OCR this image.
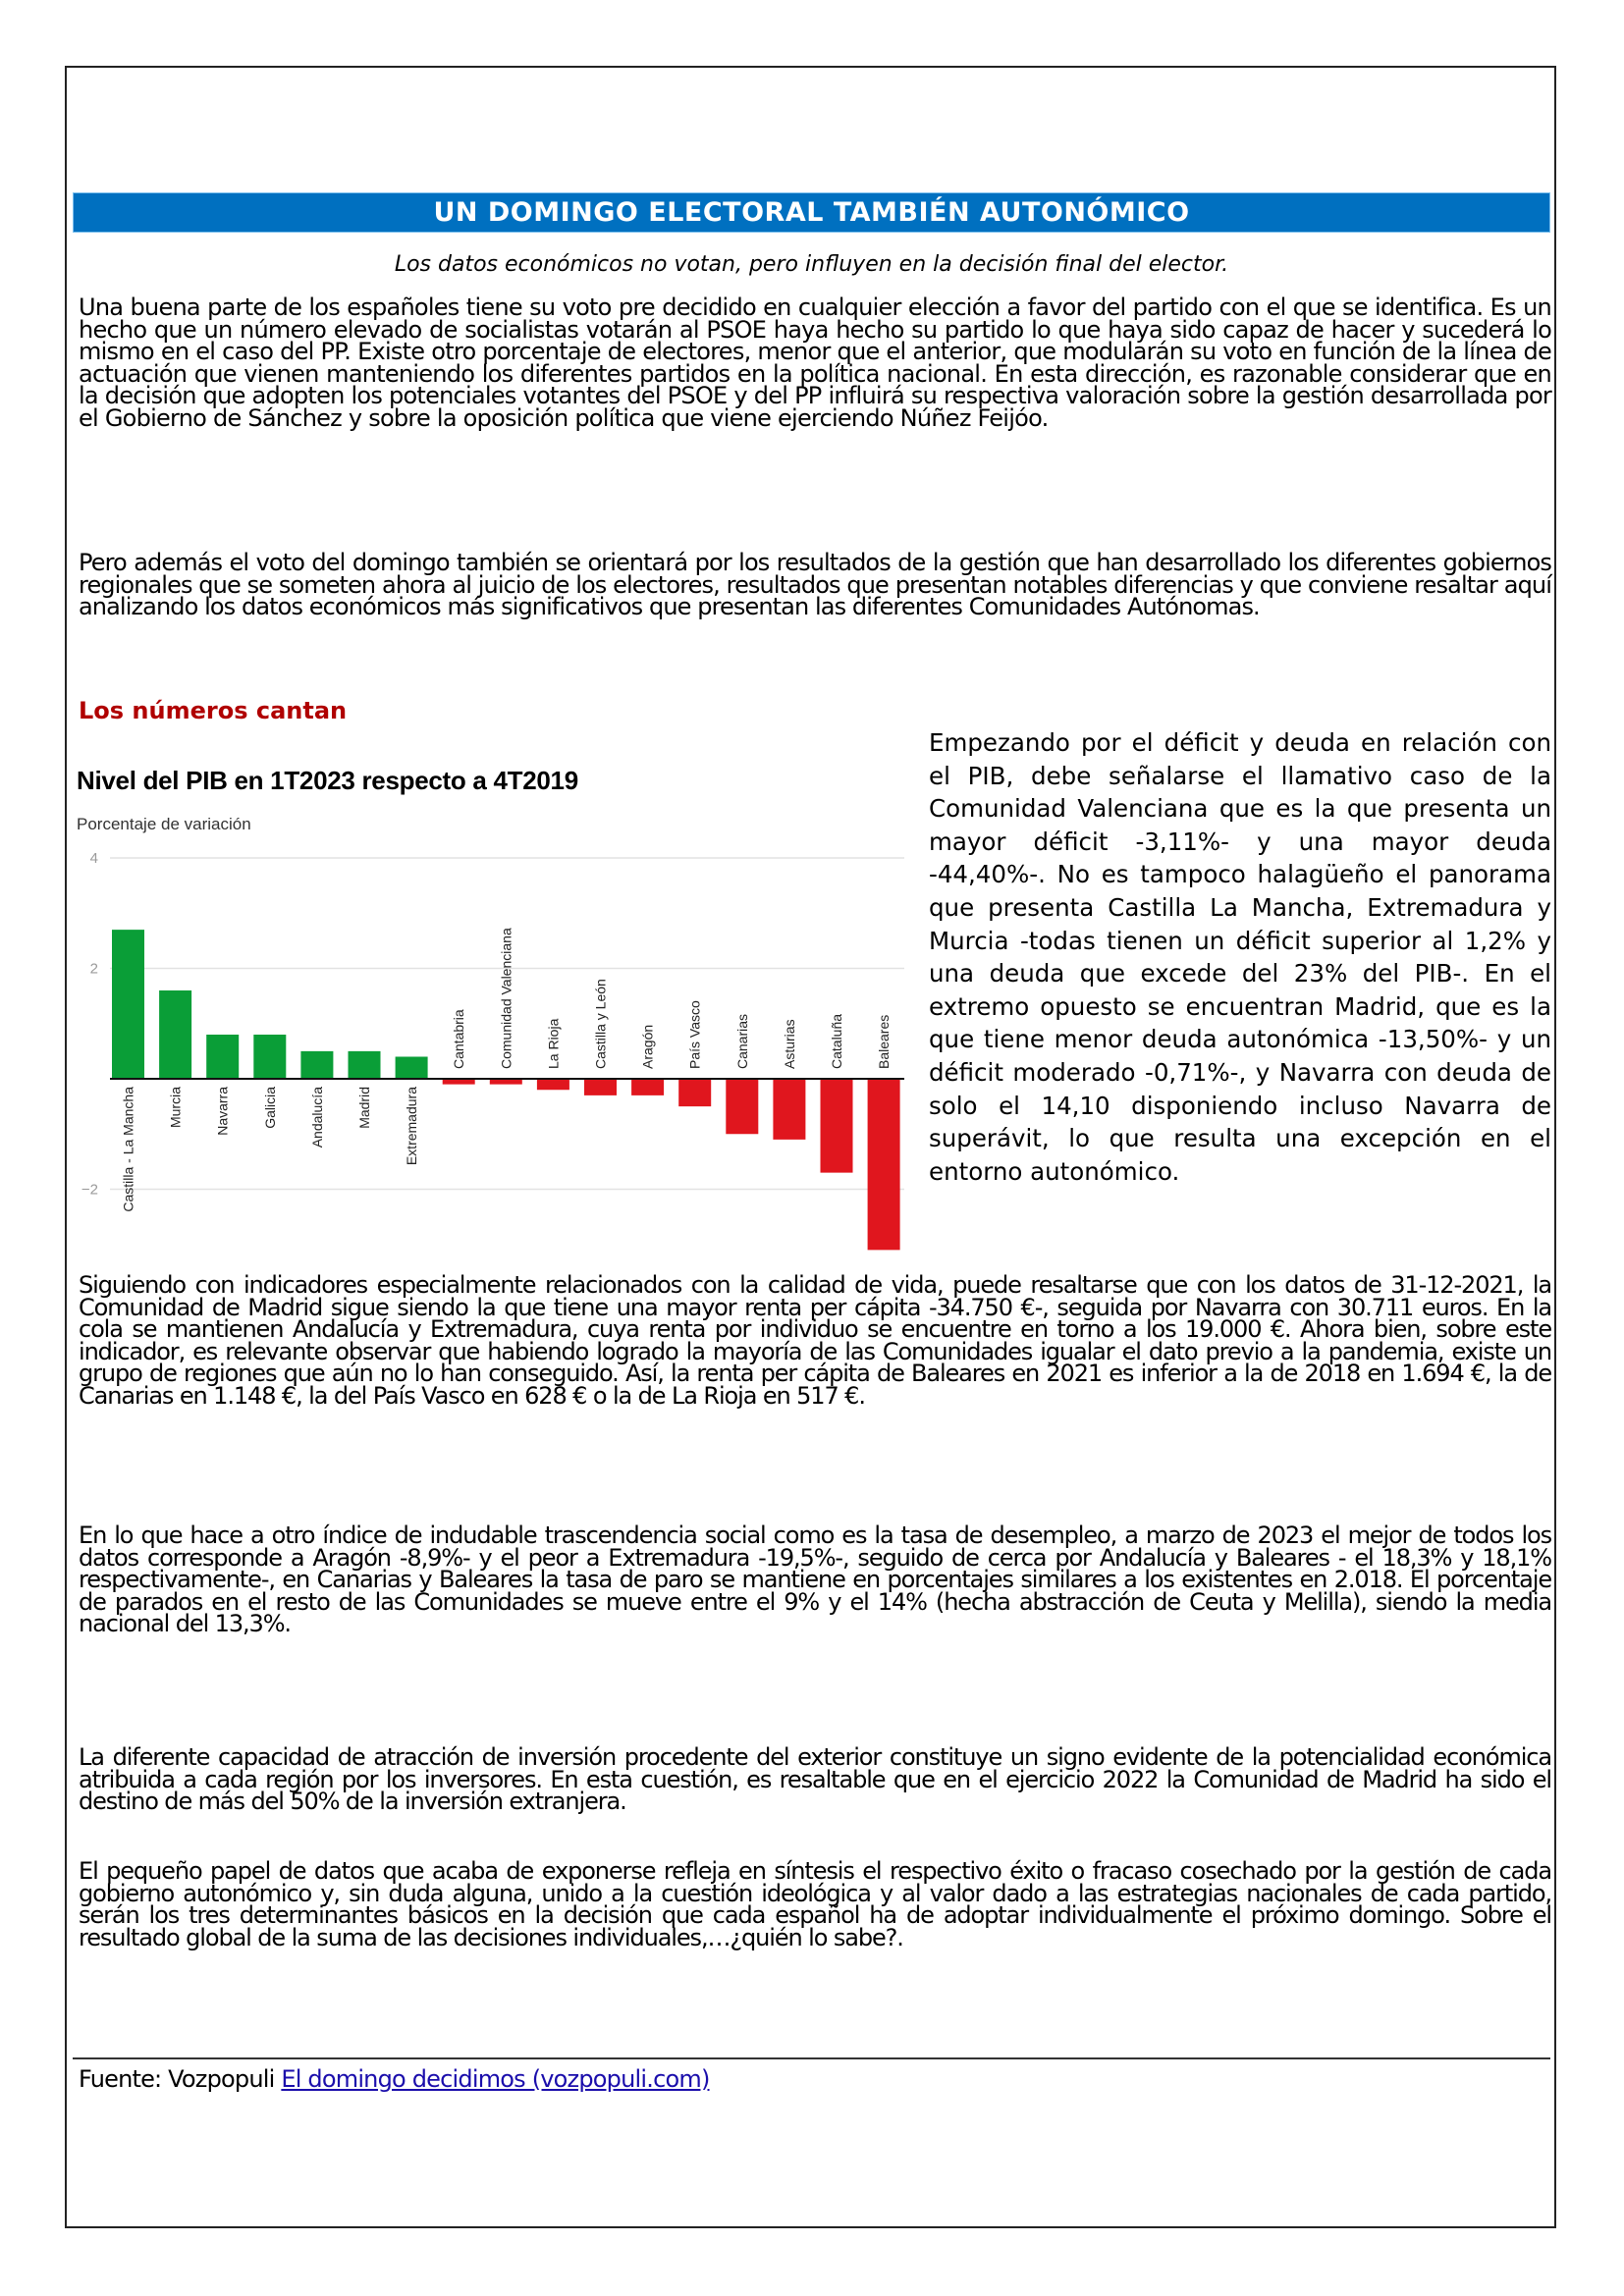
UN DOMINGO ELECTORAL TAMBIÉN AUTONÓMICO
Los datos económicos no votan, pero influyen en la decisión final del elector.
Una buena parte de los españoles tiene su voto pre decidido en cualquier elección a favor del partido con el que se identifica. Es un hecho que un número elevado de socialistas votarán al PSOE haya hecho su partido lo que haya sido capaz de hacer y sucederá lo mismo en el caso del PP. Existe otro porcentaje de electores, menor que el anterior, que modularán su voto en función de la línea de actuación que vienen manteniendo los diferentes partidos en la política nacional. En esta dirección, es razonable considerar que en la decisión que adopten los potenciales votantes del PSOE y del PP influirá su respectiva valoración sobre la gestión desarrollada por el Gobierno de Sánchez y sobre la oposición política que viene ejerciendo Núñez Feijóo.
Pero además el voto del domingo también se orientará por los resultados de la gestión que han desarrollado los diferentes gobiernos regionales que se someten ahora al juicio de los electores, resultados que presentan notables diferencias y que conviene resaltar aquí analizando los datos económicos más significativos que presentan las diferentes Comunidades Autónomas.
Los números cantan
Nivel del PIB en 1T2023 respecto a 4T2019
Porcentaje de variación
4
2
−2 Castilla - La Mancha Murcia Navarra Galicia Andalucía Madrid Extremadura
Cantabria Comunidad Valenciana La Rioja Castilla y León Aragón País Vasco Canarias Asturias Cataluña Baleares
Empezando por el déficit y deuda en relación con el PIB, debe señalarse el llamativo caso de la Comunidad Valenciana que es la que presenta un mayor déficit -3,11%- y una mayor deuda -44,40%-. No es tampoco halagüeño el panorama que presenta Castilla La Mancha, Extremadura y Murcia -todas tienen un déficit superior al 1,2% y una deuda que excede del 23% del PIB-. En el extremo opuesto se encuentran Madrid, que es la que tiene menor deuda autonómica -13,50%- y un déficit moderado -0,71%-, y Navarra con deuda de solo el 14,10 disponiendo incluso Navarra de superávit, lo que resulta una excepción en el entorno autonómico.
Siguiendo con indicadores especialmente relacionados con la calidad de vida, puede resaltarse que con los datos de 31-12-2021, la Comunidad de Madrid sigue siendo la que tiene una mayor renta per cápita -34.750 €-, seguida por Navarra con 30.711 euros. En la cola se mantienen Andalucía y Extremadura, cuya renta por individuo se encuentre en torno a los 19.000 €. Ahora bien, sobre este indicador, es relevante observar que habiendo logrado la mayoría de las Comunidades igualar el dato previo a la pandemia, existe un grupo de regiones que aún no lo han conseguido. Así, la renta per cápita de Baleares en 2021 es inferior a la de 2018 en 1.694 €, la de Canarias en 1.148 €, la del País Vasco en 628 € o la de La Rioja en 517 €.
En lo que hace a otro índice de indudable trascendencia social como es la tasa de desempleo, a marzo de 2023 el mejor de todos los datos corresponde a Aragón -8,9%- y el peor a Extremadura -19,5%-, seguido de cerca por Andalucía y Baleares - el 18,3% y 18,1% respectivamente-, en Canarias y Baleares la tasa de paro se mantiene en porcentajes similares a los existentes en 2.018. El porcentaje de parados en el resto de las Comunidades se mueve entre el 9% y el 14% (hecha abstracción de Ceuta y Melilla), siendo la media nacional del 13,3%.
La diferente capacidad de atracción de inversión procedente del exterior constituye un signo evidente de la potencialidad económica atribuida a cada región por los inversores. En esta cuestión, es resaltable que en el ejercicio 2022 la Comunidad de Madrid ha sido el destino de más del 50% de la inversión extranjera.
El pequeño papel de datos que acaba de exponerse refleja en síntesis el respectivo éxito o fracaso cosechado por la gestión de cada gobierno autonómico y, sin duda alguna, unido a la cuestión ideológica y al valor dado a las estrategias nacionales de cada partido, serán los tres determinantes básicos en la decisión que cada español ha de adoptar individualmente el próximo domingo. Sobre el resultado global de la suma de las decisiones individuales,…¿quién lo sabe?.
Fuente: Vozpopuli El domingo decidimos (vozpopuli.com)
